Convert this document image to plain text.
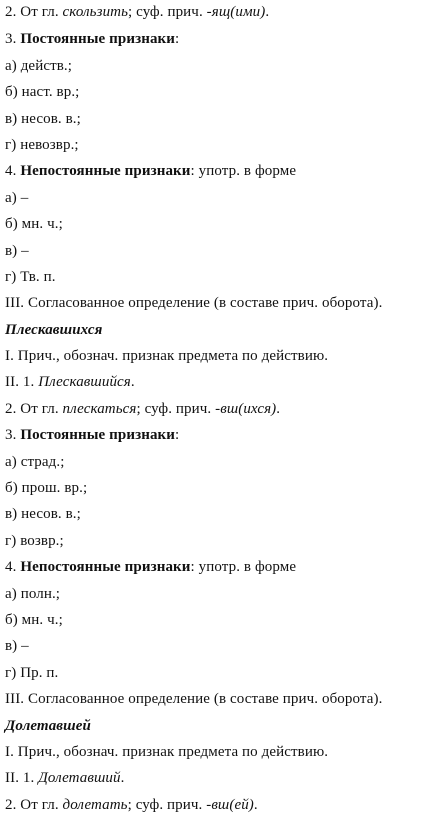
2. От гл. скользить; суф. прич. -ящ(ими).
3. Постоянные признаки:
а) действ.;
б) наст. вр.;
в) несов. в.;
г) невозвр.;
4. Непостоянные признаки: употр. в форме
а) –
б) мн. ч.;
в) –
г) Тв. п.
III. Согласованное определение (в составе прич. оборота).
Плескавшихся
I. Прич., обознач. признак предмета по действию.
II. 1. Плескавшийся.
2. От гл. плескаться; суф. прич. -вш(ихся).
3. Постоянные признаки:
а) страд.;
б) прош. вр.;
в) несов. в.;
г) возвр.;
4. Непостоянные признаки: употр. в форме
а) полн.;
б) мн. ч.;
в) –
г) Пр. п.
III. Согласованное определение (в составе прич. оборота).
Долетавшей
I. Прич., обознач. признак предмета по действию.
II. 1. Долетавший.
2. От гл. долетать; суф. прич. -вш(ей).
